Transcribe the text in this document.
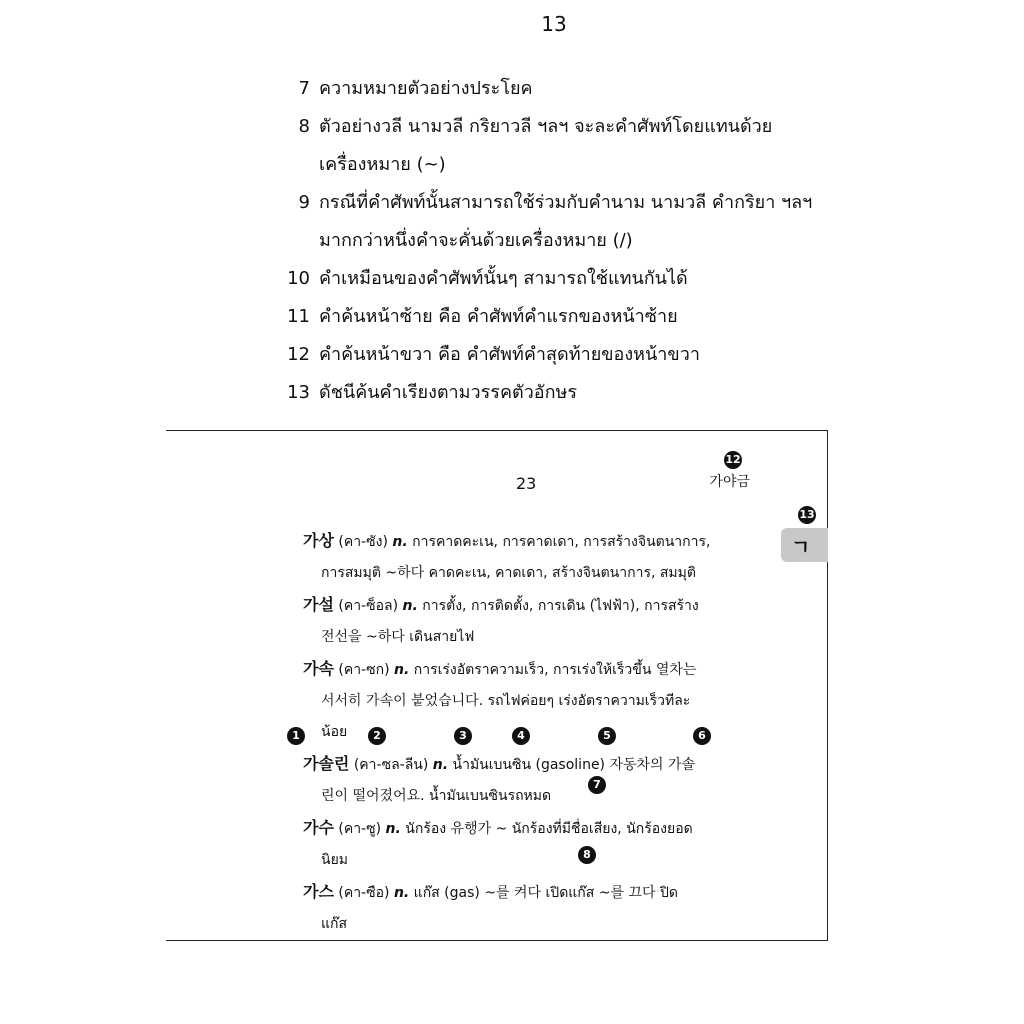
13
7 ความหมายตัวอย่างประโยค
8 ตัวอย่างวลี นามวลี กริยาวลี ฯลฯ จะละคำศัพท์โดยแทนด้วย เครื่องหมาย (~)
9 กรณีที่คำศัพท์นั้นสามารถใช้ร่วมกับคำนาม นามวลี คำกริยา ฯลฯ มากกว่าหนึ่งคำจะคั่นด้วยเครื่องหมาย (/)
10 คำเหมือนของคำศัพท์นั้นๆ สามารถใช้แทนกันได้
11 คำค้นหน้าซ้าย คือ คำศัพท์คำแรกของหน้าซ้าย
12 คำค้นหน้าขวา คือ คำศัพท์คำสุดท้ายของหน้าขวา
13 ดัชนีค้นคำเรียงตามวรรคตัวอักษร
23	가야금
ㄱ
12
13
1	2	3	4	5	6
7
8
가상 (คา-ซัง) n. การคาดคะเน, การคาดเดา, การสร้างจินตนาการ,
การสมมุติ ~하다 คาดคะเน, คาดเดา, สร้างจินตนาการ, สมมุติ
가설 (คา-ซ็อล) n. การตั้ง, การติดตั้ง, การเดิน (ไฟฟ้า), การสร้าง
전선을 ~하다 เดินสายไฟ
가속 (คา-ซก) n. การเร่งอัตราความเร็ว, การเร่งให้เร็วขึ้น 열차는
서서히 가속이 붙었습니다. รถไฟค่อยๆ เร่งอัตราความเร็วทีละ
น้อย
가솔린 (คา-ซล-ลีน) n. น้ำมันเบนซิน (gasoline) 자동차의 가솔
린이 떨어졌어요. น้ำมันเบนซินรถหมด
가수 (คา-ซู) n. นักร้อง 유행가 ~ นักร้องที่มีชื่อเสียง, นักร้องยอด
นิยม
가스 (คา-ซือ) n. แก๊ส (gas) ~를 켜다 เปิดแก๊ส ~를 끄다 ปิด
แก๊ส
